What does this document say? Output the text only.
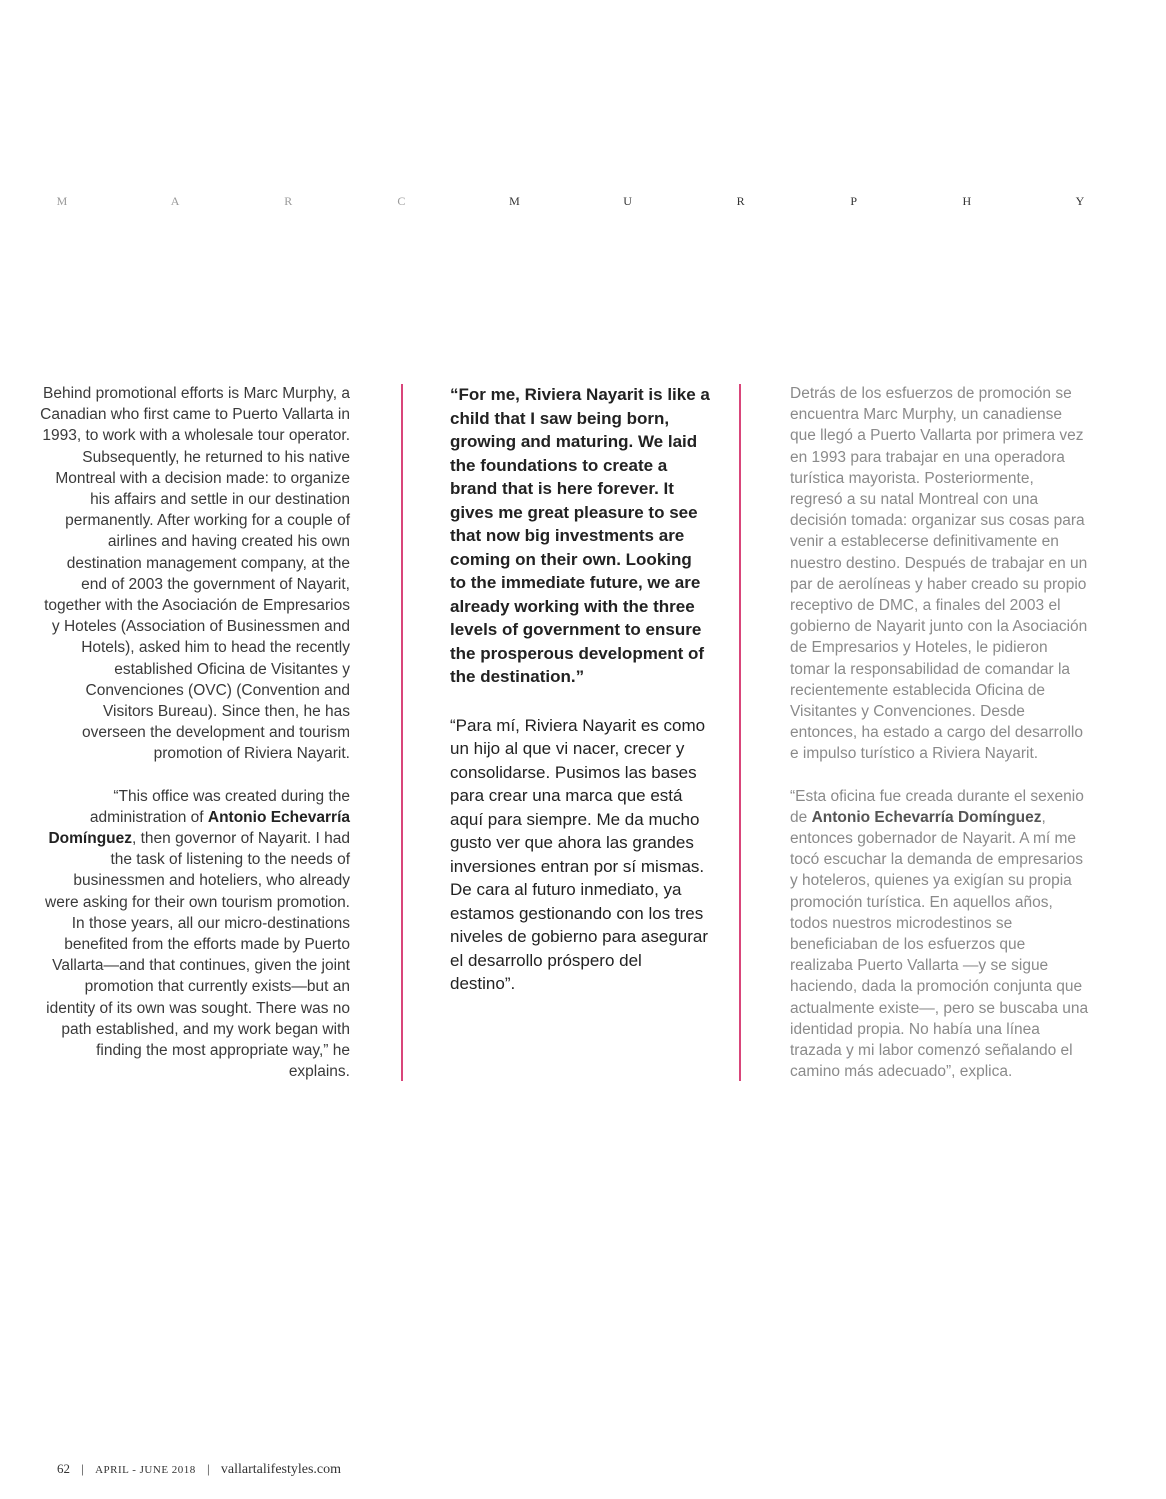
M	A	R	C	M	U	R	P	H	Y

Behind promotional efforts is Marc Murphy, a Canadian who first came to Puerto Vallarta in 1993, to work with a wholesale tour operator. Subsequently, he returned to his native Montreal with a decision made: to organize his affairs and settle in our destination permanently. After working for a couple of airlines and having created his own destination management company, at the end of 2003 the government of Nayarit, together with the Asociación de Empresarios y Hoteles (Association of Businessmen and Hotels), asked him to head the recently established Oficina de Visitantes y Convenciones (OVC) (Convention and Visitors Bureau). Since then, he has overseen the development and tourism promotion of Riviera Nayarit.

“This office was created during the administration of Antonio Echevarría Domínguez, then governor of Nayarit. I had the task of listening to the needs of businessmen and hoteliers, who already were asking for their own tourism promotion. In those years, all our micro-destinations benefited from the efforts made by Puerto Vallarta—and that continues, given the joint promotion that currently exists—but an identity of its own was sought. There was no path established, and my work began with finding the most appropriate way,” he explains.

“For me, Riviera Nayarit is like a child that I saw being born, growing and maturing. We laid the foundations to create a brand that is here forever. It gives me great pleasure to see that now big investments are coming on their own. Looking to the immediate future, we are already working with the three levels of government to ensure the prosperous development of the destination.”

“Para mí, Riviera Nayarit es como un hijo al que vi nacer, crecer y consolidarse. Pusimos las bases para crear una marca que está aquí para siempre. Me da mucho gusto ver que ahora las grandes inversiones entran por sí mismas. De cara al futuro inmediato, ya estamos gestionando con los tres niveles de gobierno para asegurar el desarrollo próspero del destino”.

Detrás de los esfuerzos de promoción se encuentra Marc Murphy, un canadiense que llegó a Puerto Vallarta por primera vez en 1993 para trabajar en una operadora turística mayorista. Posteriormente, regresó a su natal Montreal con una decisión tomada: organizar sus cosas para venir a establecerse definitivamente en nuestro destino. Después de trabajar en un par de aerolíneas y haber creado su propio receptivo de DMC, a finales del 2003 el gobierno de Nayarit junto con la Asociación de Empresarios y Hoteles, le pidieron tomar la responsabilidad de comandar la recientemente establecida Oficina de Visitantes y Convenciones. Desde entonces, ha estado a cargo del desarrollo e impulso turístico a Riviera Nayarit.

“Esta oficina fue creada durante el sexenio de Antonio Echevarría Domínguez, entonces gobernador de Nayarit. A mí me tocó escuchar la demanda de empresarios y hoteleros, quienes ya exigían su propia promoción turística. En aquellos años, todos nuestros microdestinos se beneficiaban de los esfuerzos que realizaba Puerto Vallarta —y se sigue haciendo, dada la promoción conjunta que actualmente existe—, pero se buscaba una identidad propia. No había una línea trazada y mi labor comenzó señalando el camino más adecuado”, explica.

62 | APRIL - JUNE 2018 | vallartalifestyles.com
